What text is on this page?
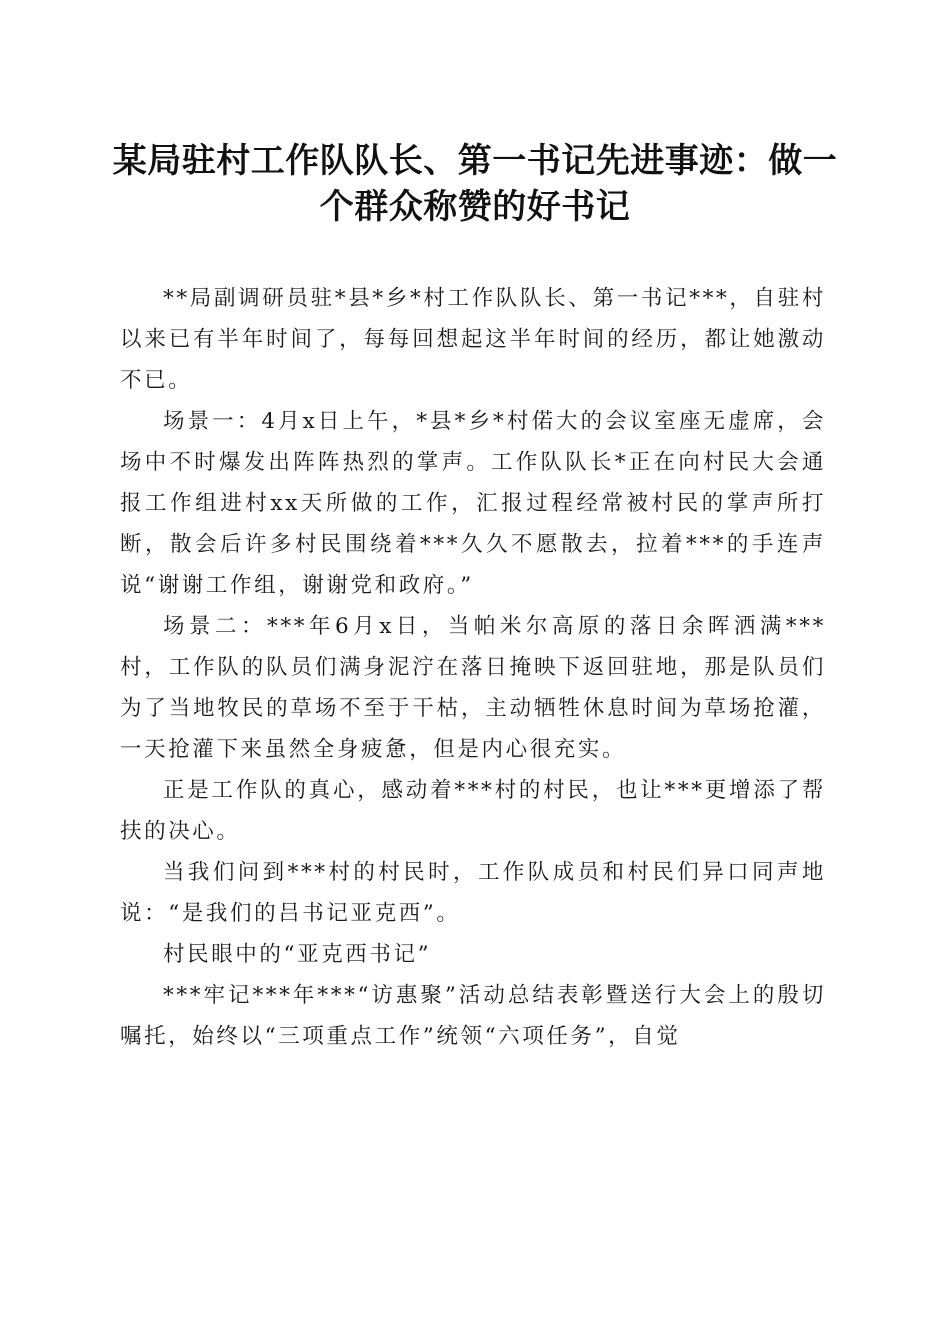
某局驻村工作队队长、第一书记先进事迹：做一个群众称赞的好书记

**局副调研员驻*县*乡*村工作队队长、第一书记***，自驻村以来已有半年时间了，每每回想起这半年时间的经历，都让她激动不已。

场景一：4月x日上午，*县*乡*村偌大的会议室座无虚席，会场中不时爆发出阵阵热烈的掌声。工作队队长*正在向村民大会通报工作组进村xx天所做的工作，汇报过程经常被村民的掌声所打断，散会后许多村民围绕着***久久不愿散去，拉着***的手连声说“谢谢工作组，谢谢党和政府。”

场景二：***年6月x日，当帕米尔高原的落日余晖洒满***村，工作队的队员们满身泥泞在落日掩映下返回驻地，那是队员们为了当地牧民的草场不至于干枯，主动牺牲休息时间为草场抢灌，一天抢灌下来虽然全身疲惫，但是内心很充实。

正是工作队的真心，感动着***村的村民，也让***更增添了帮扶的决心。

当我们问到***村的村民时，工作队成员和村民们异口同声地说：“是我们的吕书记亚克西”。

村民眼中的“亚克西书记”

***牢记***年***“访惠聚”活动总结表彰暨送行大会上的殷切嘱托，始终以“三项重点工作”统领“六项任务”，自觉
